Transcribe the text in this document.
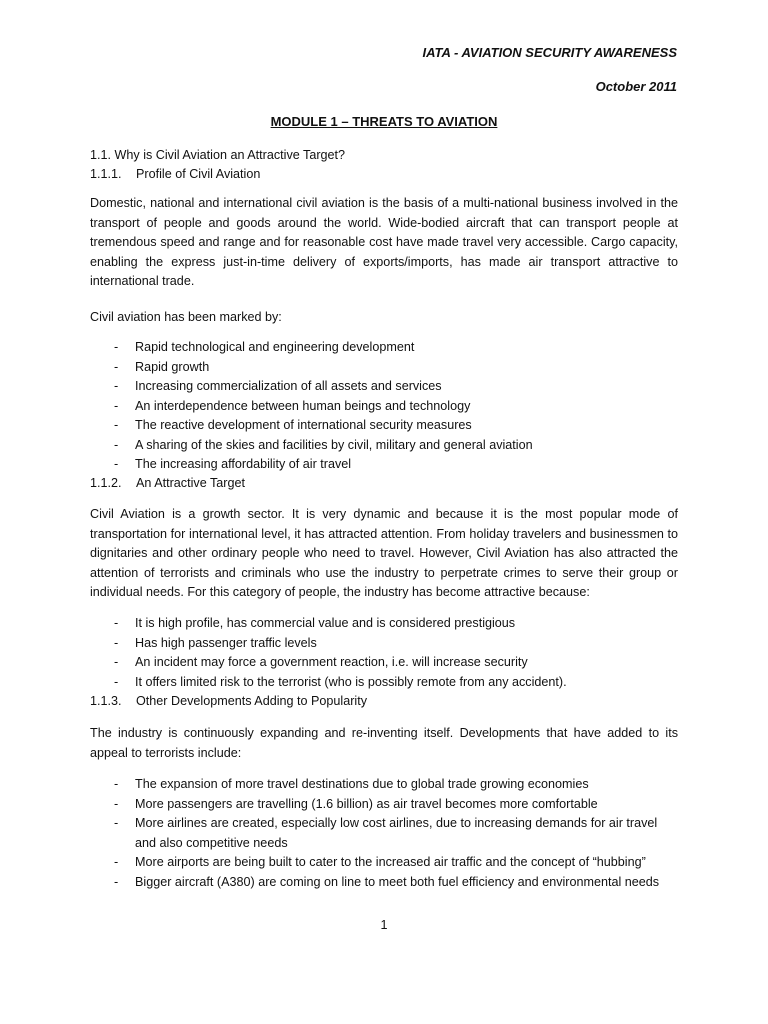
IATA - AVIATION SECURITY AWARENESS
October 2011
MODULE 1 – THREATS TO AVIATION
1.1. Why is Civil Aviation an Attractive Target?
1.1.1. Profile of Civil Aviation

Domestic, national and international civil aviation is the basis of a multi-national business involved in the transport of people and goods around the world. Wide-bodied aircraft that can transport people at tremendous speed and range and for reasonable cost have made travel very accessible. Cargo capacity, enabling the express just-in-time delivery of exports/imports, has made air transport attractive to international trade.

Civil aviation has been marked by:

- Rapid technological and engineering development
- Rapid growth
- Increasing commercialization of all assets and services
- An interdependence between human beings and technology
- The reactive development of international security measures
- A sharing of the skies and facilities by civil, military and general aviation
- The increasing affordability of air travel
1.1.2. An Attractive Target

Civil Aviation is a growth sector. It is very dynamic and because it is the most popular mode of transportation for international level, it has attracted attention. From holiday travelers and businessmen to dignitaries and other ordinary people who need to travel. However, Civil Aviation has also attracted the attention of terrorists and criminals who use the industry to perpetrate crimes to serve their group or individual needs. For this category of people, the industry has become attractive because:

- It is high profile, has commercial value and is considered prestigious
- Has high passenger traffic levels
- An incident may force a government reaction, i.e. will increase security
- It offers limited risk to the terrorist (who is possibly remote from any accident).
1.1.3. Other Developments Adding to Popularity

The industry is continuously expanding and re-inventing itself. Developments that have added to its appeal to terrorists include:

- The expansion of more travel destinations due to global trade growing economies
- More passengers are travelling (1.6 billion) as air travel becomes more comfortable
- More airlines are created, especially low cost airlines, due to increasing demands for air travel and also competitive needs
- More airports are being built to cater to the increased air traffic and the concept of “hubbing”
- Bigger aircraft (A380) are coming on line to meet both fuel efficiency and environmental needs
1
